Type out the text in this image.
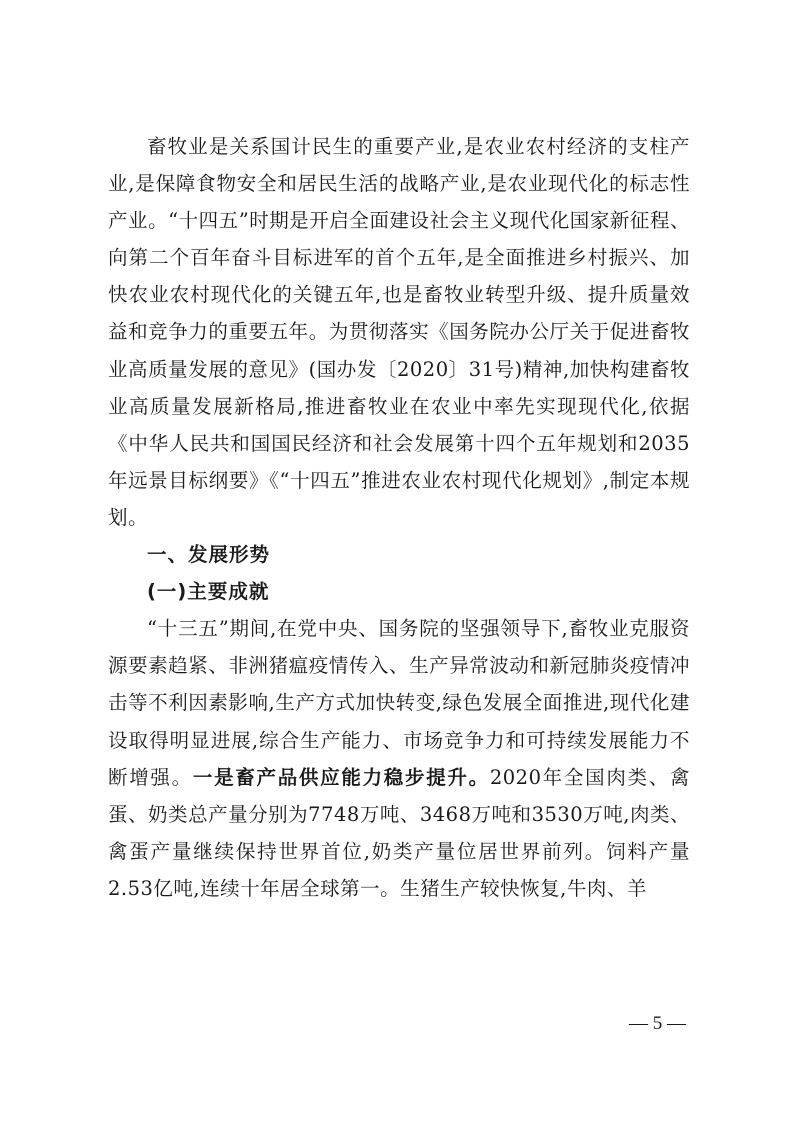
畜牧业是关系国计民生的重要产业,是农业农村经济的支柱产业,是保障食物安全和居民生活的战略产业,是农业现代化的标志性产业。“十四五”时期是开启全面建设社会主义现代化国家新征程、向第二个百年奋斗目标进军的首个五年,是全面推进乡村振兴、加快农业农村现代化的关键五年,也是畜牧业转型升级、提升质量效益和竞争力的重要五年。为贯彻落实《国务院办公厅关于促进畜牧业高质量发展的意见》(国办发〔2020〕31号)精神,加快构建畜牧业高质量发展新格局,推进畜牧业在农业中率先实现现代化,依据《中华人民共和国国民经济和社会发展第十四个五年规划和2035年远景目标纲要》《“十四五”推进农业农村现代化规划》,制定本规划。

一、发展形势

(一)主要成就

“十三五”期间,在党中央、国务院的坚强领导下,畜牧业克服资源要素趋紧、非洲猪瘟疫情传入、生产异常波动和新冠肺炎疫情冲击等不利因素影响,生产方式加快转变,绿色发展全面推进,现代化建设取得明显进展,综合生产能力、市场竞争力和可持续发展能力不断增强。一是畜产品供应能力稳步提升。2020年全国肉类、禽蛋、奶类总产量分别为7748万吨、3468万吨和3530万吨,肉类、禽蛋产量继续保持世界首位,奶类产量位居世界前列。饲料产量2.53亿吨,连续十年居全球第一。生猪生产较快恢复,牛肉、羊

— 5 —
